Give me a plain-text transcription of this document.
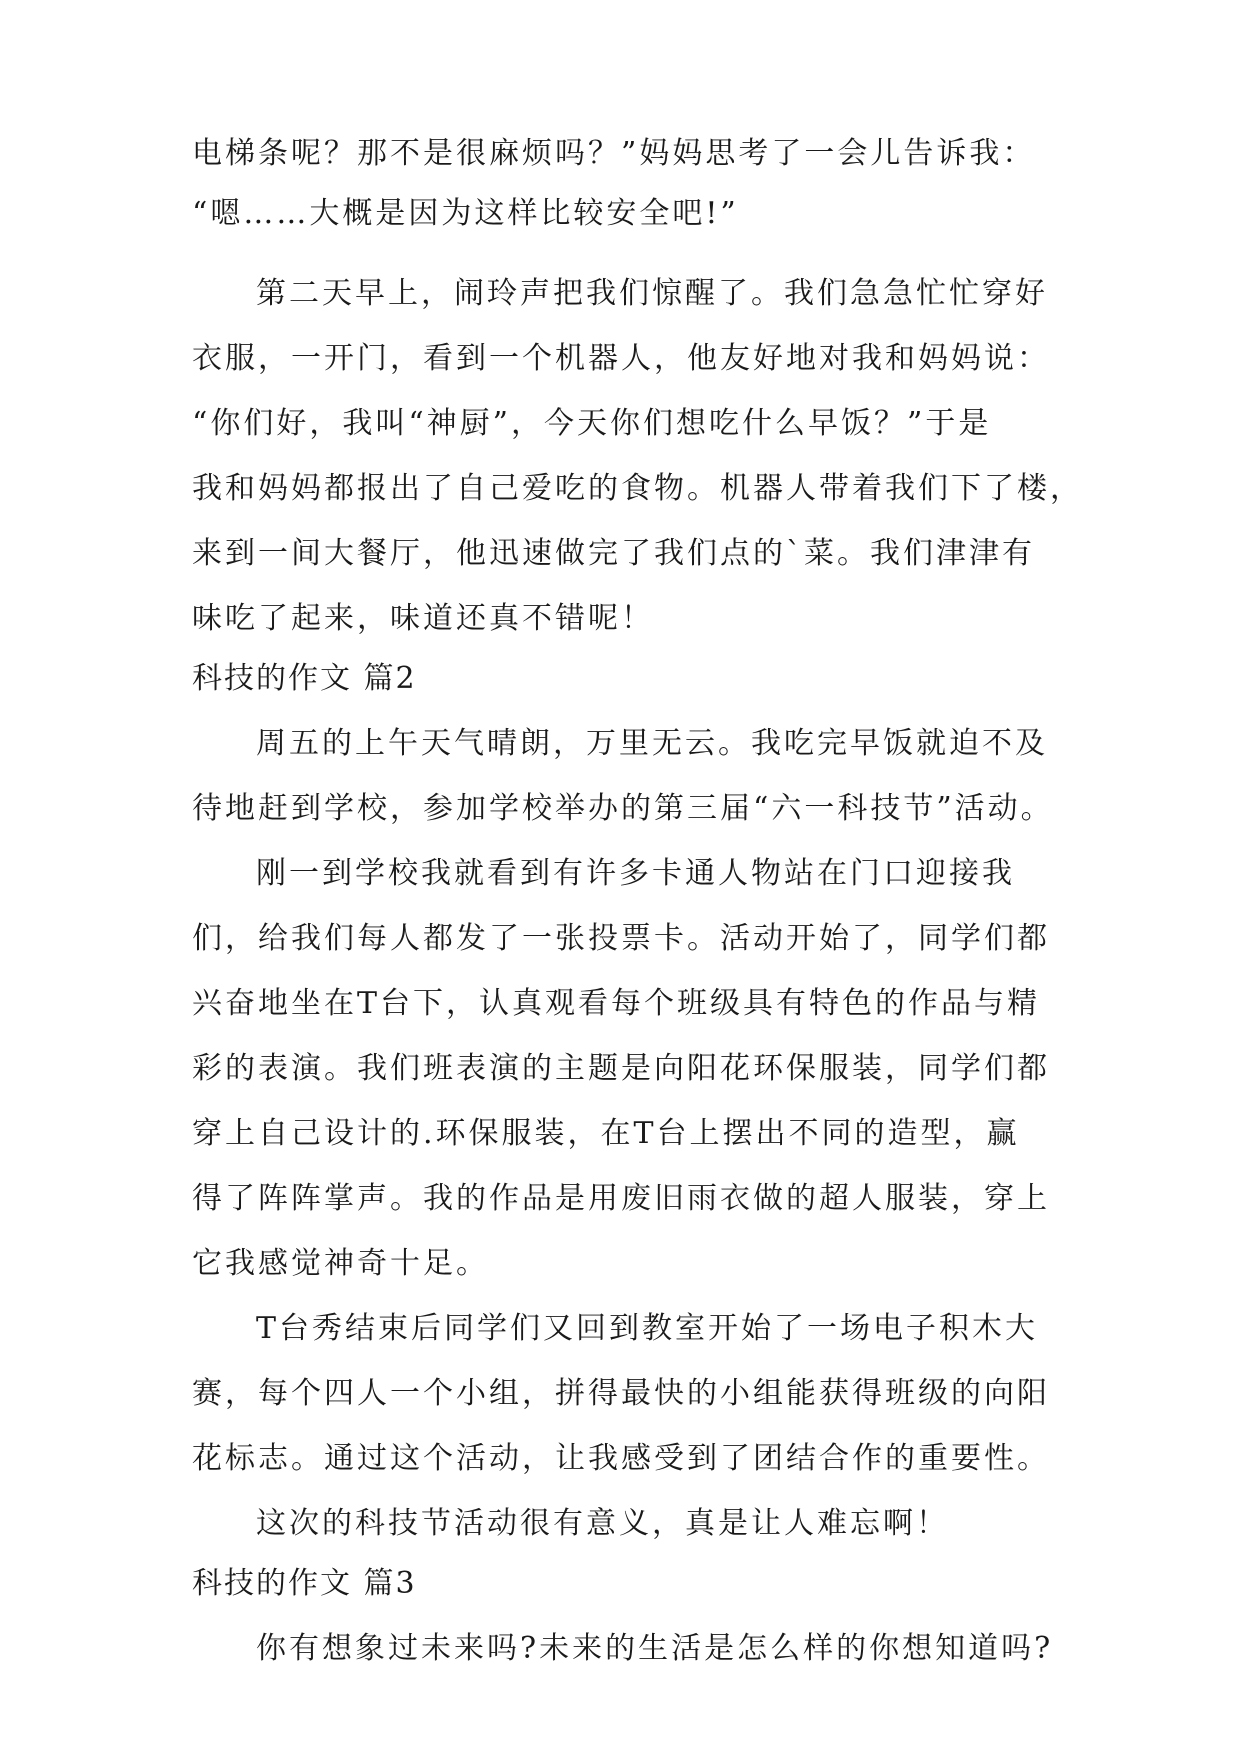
电梯条呢？那不是很麻烦吗？”妈妈思考了一会儿告诉我：
“嗯……大概是因为这样比较安全吧!”
第二天早上，闹玲声把我们惊醒了。我们急急忙忙穿好
衣服，一开门，看到一个机器人，他友好地对我和妈妈说：
“你们好，我叫“神厨”，今天你们想吃什么早饭？”于是
我和妈妈都报出了自己爱吃的食物。机器人带着我们下了楼，
来到一间大餐厅，他迅速做完了我们点的`菜。我们津津有
味吃了起来，味道还真不错呢！
科技的作文 篇2
周五的上午天气晴朗，万里无云。我吃完早饭就迫不及
待地赶到学校，参加学校举办的第三届“六一科技节”活动。
刚一到学校我就看到有许多卡通人物站在门口迎接我
们，给我们每人都发了一张投票卡。活动开始了，同学们都
兴奋地坐在T台下，认真观看每个班级具有特色的作品与精
彩的表演。我们班表演的主题是向阳花环保服装，同学们都
穿上自己设计的.环保服装，在T台上摆出不同的造型，赢
得了阵阵掌声。我的作品是用废旧雨衣做的超人服装，穿上
它我感觉神奇十足。
T台秀结束后同学们又回到教室开始了一场电子积木大
赛，每个四人一个小组，拼得最快的小组能获得班级的向阳
花标志。通过这个活动，让我感受到了团结合作的重要性。
这次的科技节活动很有意义，真是让人难忘啊！
科技的作文 篇3
你有想象过未来吗?未来的生活是怎么样的你想知道吗?
